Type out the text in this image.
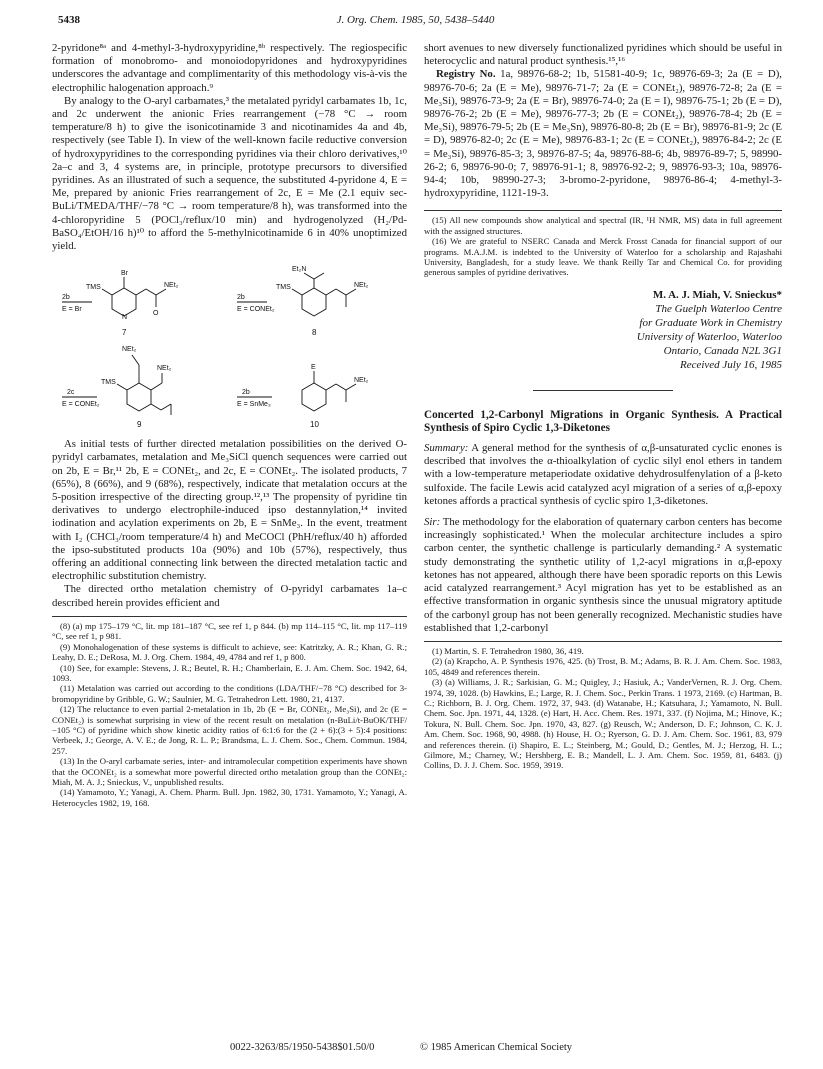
5438	J. Org. Chem. 1985, 50, 5438–5440

2-pyridone⁸ᵃ and 4-methyl-3-hydroxypyridine,⁸ᵇ respectively. The regiospecific formation of monobromo- and monoiodopyridones and hydroxypyridines underscores the advantage and complimentarity of this methodology vis-à-vis the electrophilic halogenation approach.⁹

By analogy to the O-aryl carbamates,³ the metalated pyridyl carbamates 1b, 1c, and 2c underwent the anionic Fries rearrangement (−78 °C → room temperature/8 h) to give the isonicotinamide 3 and nicotinamides 4a and 4b, respectively (see Table I). In view of the well-known facile reductive conversion of hydroxypyridines to the corresponding pyridines via their chloro derivatives,¹⁰ 2a–c and 3, 4 systems are, in principle, prototype precursors to diversified pyridines. As an illustrated of such a sequence, the substituted 4-pyridone 4, E = Me, prepared by anionic Fries rearrangement of 2c, E = Me (2.1 equiv sec-BuLi/TMEDA/THF/−78 °C → room temperature/8 h), was transformed into the 4-chloropyridine 5 (POCl₃/reflux/10 min) and hydrogenolyzed (H₂/Pd-BaSO₄/EtOH/16 h)¹⁰ to afford the 5-methylnicotinamide 6 in 40% unoptimized yield.

2b
E = Br
Br
TMS	NEt₂
N
O
7
2b
E = CONEt₂
Et₂N
TMS	NEt₂
8
NEt₂
TMS
NEt₂
2c
E = CONEt₂
9
2b
E = SnMe₃
E
NEt₂
10

As initial tests of further directed metalation possibilities on the derived O-pyridyl carbamates, metalation and Me₃SiCl quench sequences were carried out on 2b, E = Br,¹¹ 2b, E = CONEt₂, and 2c, E = CONEt₂. The isolated products, 7 (65%), 8 (66%), and 9 (68%), respectively, indicate that metalation occurs at the 5-position irrespective of the directing group.¹²,¹³ The propensity of pyridine tin derivatives to undergo electrophile-induced ipso destannylation,¹⁴ invited iodination and acylation experiments on 2b, E = SnMe₃. In the event, treatment with I₂ (CHCl₃/room temperature/4 h) and MeCOCl (PhH/reflux/40 h) afforded the ipso-substituted products 10a (90%) and 10b (57%), respectively, thus offering an additional connecting link between the directed metalation tactic and electrophilic substitution chemistry.

The directed ortho metalation chemistry of O-pyridyl carbamates 1a–c described herein provides efficient and

(8) (a) mp 175–179 °C, lit. mp 181–187 °C, see ref 1, p 844. (b) mp 114–115 °C, lit. mp 117–119 °C, see ref 1, p 981.

(9) Monohalogenation of these systems is difficult to achieve, see: Katritzky, A. R.; Khan, G. R.; Leahy, D. E.; DeRosa, M. J. Org. Chem. 1984, 49, 4784 and ref 1, p 800.

(10) See, for example: Stevens, J. R.; Beutel, R. H.; Chamberlain, E. J. Am. Chem. Soc. 1942, 64, 1093.

(11) Metalation was carried out according to the conditions (LDA/THF/−78 °C) described for 3-bromopyridine by Gribble, G. W.; Saulnier, M. G. Tetrahedron Lett. 1980, 21, 4137.

(12) The reluctance to even partial 2-metalation in 1b, 2b (E = Br, CONEt₂, Me₃Si), and 2c (E = CONEt₂) is somewhat surprising in view of the recent result on metalation (n-BuLi/t-BuOK/THF/−105 °C) of pyridine which show kinetic acidity ratios of 6:1:6 for the (2 + 6):(3 + 5):4 positions: Verbeek, J.; George, A. V. E.; de Jong, R. L. P.; Brandsma, L. J. Chem. Soc., Chem. Commun. 1984, 257.

(13) In the O-aryl carbamate series, inter- and intramolecular competition experiments have shown that the OCONEt₂ is a somewhat more powerful directed ortho metalation group than the CONEt₂: Miah, M. A. J.; Snieckus, V., unpublished results.

(14) Yamamoto, Y.; Yanagi, A. Chem. Pharm. Bull. Jpn. 1982, 30, 1731. Yamamoto, Y.; Yanagi, A. Heterocycles 1982, 19, 168.

short avenues to new diversely functionalized pyridines which should be useful in heterocyclic and natural product synthesis.¹⁵,¹⁶

Registry No. 1a, 98976-68-2; 1b, 51581-40-9; 1c, 98976-69-3; 2a (E = D), 98976-70-6; 2a (E = Me), 98976-71-7; 2a (E = CONEt₂), 98976-72-8; 2a (E = Me₃Si), 98976-73-9; 2a (E = Br), 98976-74-0; 2a (E = I), 98976-75-1; 2b (E = D), 98976-76-2; 2b (E = Me), 98976-77-3; 2b (E = CONEt₂), 98976-78-4; 2b (E = Me₃Si), 98976-79-5; 2b (E = Me₃Sn), 98976-80-8; 2b (E = Br), 98976-81-9; 2c (E = D), 98976-82-0; 2c (E = Me), 98976-83-1; 2c (E = CONEt₂), 98976-84-2; 2c (E = Me₃Si), 98976-85-3; 3, 98976-87-5; 4a, 98976-88-6; 4b, 98976-89-7; 5, 98990-26-2; 6, 98976-90-0; 7, 98976-91-1; 8, 98976-92-2; 9, 98976-93-3; 10a, 98976-94-4; 10b, 98990-27-3; 3-bromo-2-pyridone, 98976-86-4; 4-methyl-3-hydroxypyridine, 1121-19-3.

(15) All new compounds show analytical and spectral (IR, ¹H NMR, MS) data in full agreement with the assigned structures.

(16) We are grateful to NSERC Canada and Merck Frosst Canada for financial support of our programs. M.A.J.M. is indebted to the University of Waterloo for a scholarship and Rajashahi University, Bangladesh, for a study leave. We thank Reilly Tar and Chemical Co. for providing generous samples of pyridine derivatives.

M. A. J. Miah, V. Snieckus*
The Guelph Waterloo Centre
for Graduate Work in Chemistry
University of Waterloo, Waterloo
Ontario, Canada N2L 3G1
Received July 16, 1985
Concerted 1,2-Carbonyl Migrations in Organic Synthesis. A Practical Synthesis of Spiro Cyclic 1,3-Diketones

Summary: A general method for the synthesis of α,β-unsaturated cyclic enones is described that involves the α-thioalkylation of cyclic silyl enol ethers in tandem with a low-temperature metaperiodate oxidative dehydrosulfenylation of a β-keto sulfoxide. The facile Lewis acid catalyzed acyl migration of a series of α,β-epoxy ketones affords a practical synthesis of cyclic spiro 1,3-diketones.

Sir: The methodology for the elaboration of quaternary carbon centers has become increasingly sophisticated.¹ When the molecular architecture includes a spiro carbon center, the synthetic challenge is particularly demanding.² A systematic study demonstrating the synthetic utility of 1,2-acyl migrations in α,β-epoxy ketones has not appeared, although there have been sporadic reports on this Lewis acid catalyzed rearrangement.³ Acyl migration has yet to be established as an effective transformation in organic synthesis since the unusual migratory aptitude of the carbonyl group has not been generally recognized. Mechanistic studies have established that 1,2-carbonyl

(1) Martin, S. F. Tetrahedron 1980, 36, 419.

(2) (a) Krapcho, A. P. Synthesis 1976, 425. (b) Trost, B. M.; Adams, B. R. J. Am. Chem. Soc. 1983, 105, 4849 and references therein.

(3) (a) Williams, J. R.; Sarkisian, G. M.; Quigley, J.; Hasiuk, A.; VanderVernen, R. J. Org. Chem. 1974, 39, 1028. (b) Hawkins, E.; Large, R. J. Chem. Soc., Perkin Trans. 1 1973, 2169. (c) Hartman, B. C.; Richborn, B. J. Org. Chem. 1972, 37, 943. (d) Watanabe, H.; Katsuhara, J.; Yamamoto, N. Bull. Chem. Soc. Jpn. 1971, 44, 1328. (e) Hart, H. Acc. Chem. Res. 1971, 337. (f) Nojima, M.; Hinove, K.; Tokura, N. Bull. Chem. Soc. Jpn. 1970, 43, 827. (g) Reusch, W.; Anderson, D. F.; Johnson, C. K. J. Am. Chem. Soc. 1968, 90, 4988. (h) House, H. O.; Ryerson, G. D. J. Am. Chem. Soc. 1961, 83, 979 and references therein. (i) Shapiro, E. L.; Steinberg, M.; Gould, D.; Gentles, M. J.; Herzog, H. L.; Gilmore, M.; Charney, W.; Hershberg, E. B.; Mandell, L. J. Am. Chem. Soc. 1959, 81, 6483. (j) Collins, D. J. J. Chem. Soc. 1959, 3919.

0022-3263/85/1950-5438$01.50/0	© 1985 American Chemical Society
